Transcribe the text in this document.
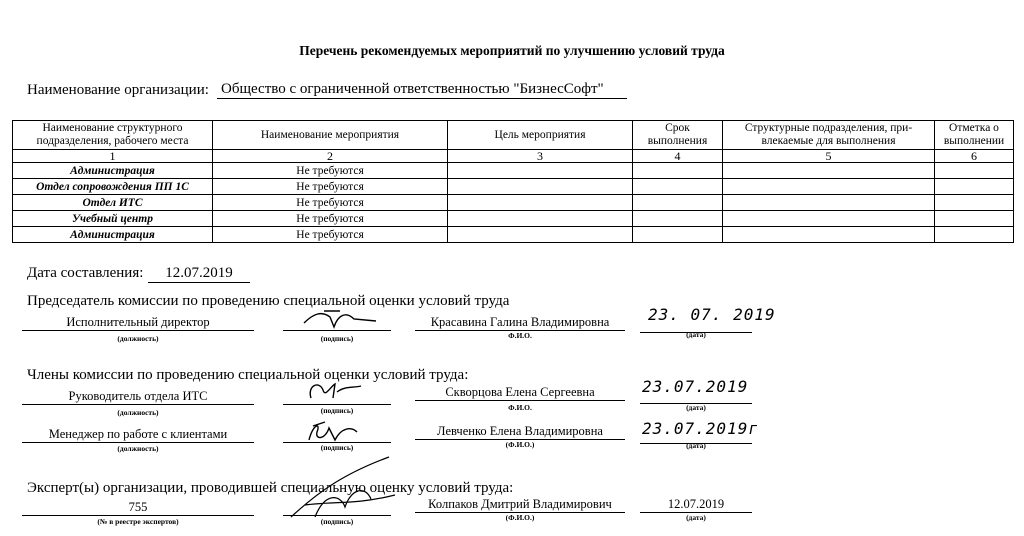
Перечень рекомендуемых мероприятий по улучшению условий труда
Наименование организации: Общество с ограниченной ответственностью "БизнесСофт"
Наименование структурного подразделения, рабочего места	Наименование мероприятия	Цель мероприятия	Срок выполнения	Структурные подразделения, при-влекаемые для выполнения	Отметка о выполнении
1	2	3	4	5	6
Администрация	Не требуются				
Отдел сопровождения ПП 1С	Не требуются				
Отдел ИТС	Не требуются				
Учебный центр	Не требуются				
Администрация	Не требуются				
Дата составления:	12.07.2019
Председатель комиссии по проведению специальной оценки условий труда
Исполнительный директор
(должность)	(подпись)
Красавина Галина Владимировна
Ф.И.О.
23. 07. 2019
(дата)
Члены комиссии по проведению специальной оценки условий труда:
Руководитель отдела ИТС
(должность)	(подпись)
Скворцова Елена Сергеевна
Ф.И.О.
23.07.2019
(дата)
Менеджер по работе с клиентами
(должность)	(подпись)
Левченко Елена Владимировна
(Ф.И.О.)
23.07.2019г
(дата)
Эксперт(ы) организации, проводившей специальную оценку условий труда:
755
(№ в реестре экспертов)	(подпись)
Колпаков Дмитрий Владимирович
(Ф.И.О.)
12.07.2019
(дата)
